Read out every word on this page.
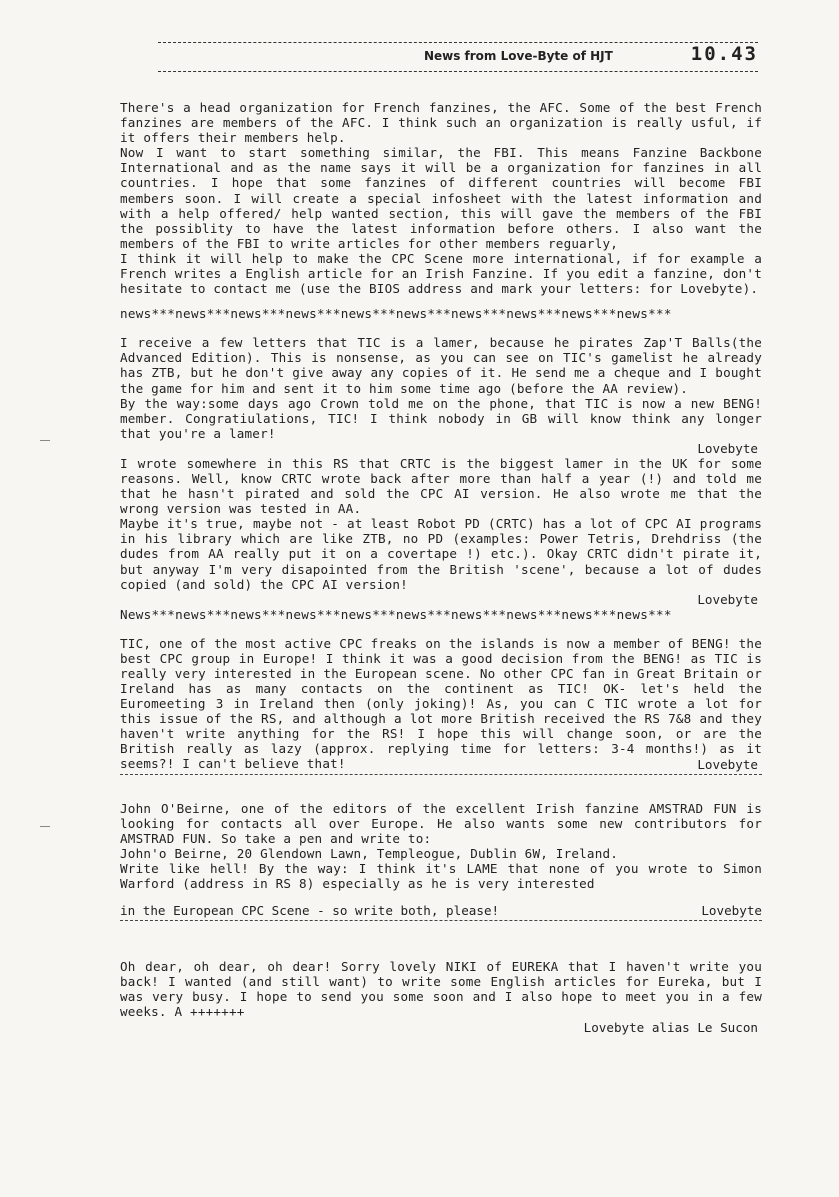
News from Love-Byte of HJT	10.43
There's a head organization for French fanzines, the AFC. Some of the best French fanzines are members of the AFC. I think such an organization is really usful, if it offers their members help.
Now I want to start something similar, the FBI. This means Fanzine Backbone International and as the name says it will be a organization for fanzines in all countries. I hope that some fanzines of different countries will become FBI members soon. I will create a special infosheet with the latest information and with a help offered/ help wanted section, this will gave the members of the FBI the possiblity to have the latest information before others. I also want the members of the FBI to write articles for other members reguarly,
I think it will help to make the CPC Scene more international, if for example a French writes a English article for an Irish Fanzine. If you edit a fanzine, don't hesitate to contact me (use the BIOS address and mark your letters: for Lovebyte).
news***news***news***news***news***news***news***news***news***news***
I receive a few letters that TIC is a lamer, because he pirates Zap'T Balls(the Advanced Edition). This is nonsense, as you can see on TIC's gamelist he already has ZTB, but he don't give away any copies of it. He send me a cheque and I bought the game for him and sent it to him some time ago (before the AA review).
By the way:some days ago Crown told me on the phone, that TIC is now a new BENG! member. Congratiulations, TIC! I think nobody in GB will know think any longer that you're a lamer!
Lovebyte
I wrote somewhere in this RS that CRTC is the biggest lamer in the UK for some reasons. Well, know CRTC wrote back after more than half a year (!) and told me that he hasn't pirated and sold the CPC AI version. He also wrote me that the wrong version was tested in AA.
Maybe it's true, maybe not - at least Robot PD (CRTC) has a lot of CPC AI programs in his library which are like ZTB, no PD (examples: Power Tetris, Drehdriss (the dudes from AA really put it on a covertape !) etc.). Okay CRTC didn't pirate it, but anyway I'm very disapointed from the British 'scene', because a lot of dudes copied (and sold) the CPC AI version!
Lovebyte
News***news***news***news***news***news***news***news***news***news***
TIC, one of the most active CPC freaks on the islands is now a member of BENG! the best CPC group in Europe! I think it was a good decision from the BENG! as TIC is really very interested in the European scene. No other CPC fan in Great Britain or Ireland has as many contacts on the continent as TIC! OK- let's held the Euromeeting 3 in Ireland then (only joking)! As, you can C TIC wrote a lot for this issue of the RS, and although a lot more British received the RS 7&8 and they haven't write anything for the RS! I hope this will change soon, or are the British really as lazy (approx. replying time for letters: 3-4 months!) as it seems?! I can't believe that!	Lovebyte
John O'Beirne, one of the editors of the excellent Irish fanzine AMSTRAD FUN is looking for contacts all over Europe. He also wants some new contributors for AMSTRAD FUN. So take a pen and write to:
John'o Beirne, 20 Glendown Lawn, Templeogue, Dublin 6W, Ireland.
Write like hell! By the way: I think it's LAME that none of you wrote to Simon Warford (address in RS 8) especially as he is very interested
in the European CPC Scene - so write both, please!	Lovebyte
Oh dear, oh dear, oh dear! Sorry lovely NIKI of EUREKA that I haven't write you back! I wanted (and still want) to write some English articles for Eureka, but I was very busy. I hope to send you some soon and I also hope to meet you in a few weeks. A +++++++
Lovebyte alias Le Sucon
